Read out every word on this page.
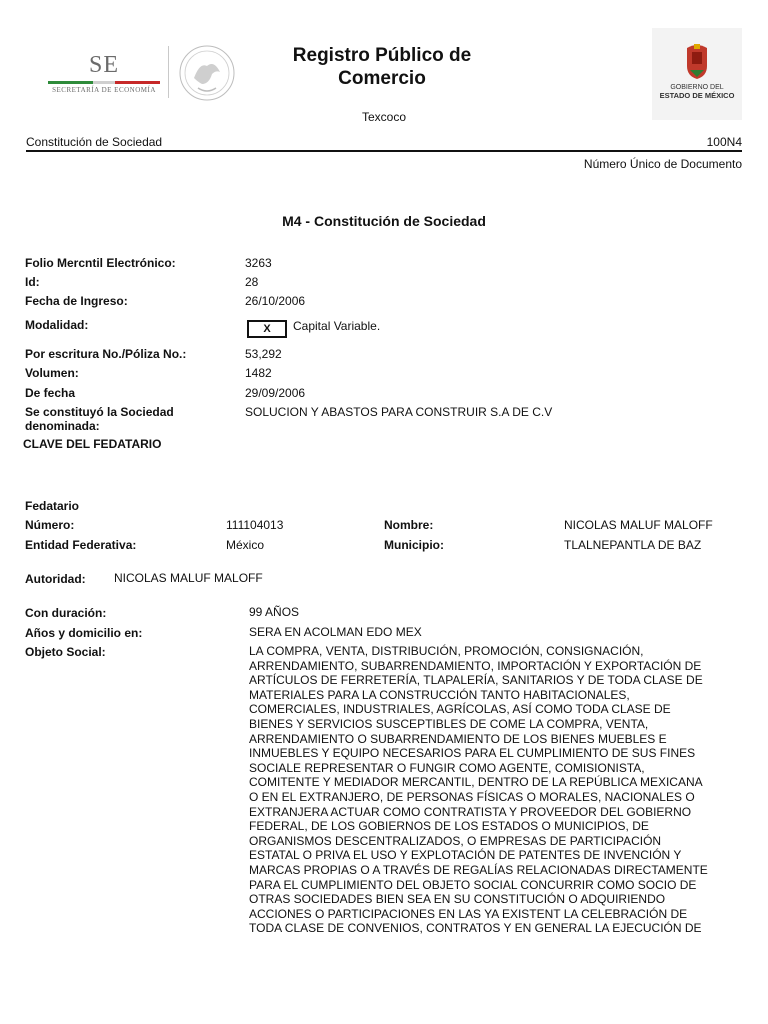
SE
SECRETARÍA DE ECONOMÍA
Registro Público de Comercio
Texcoco
GOBIERNO DEL
ESTADO DE MÉXICO
Constitución de Sociedad	100N4
Número Único de Documento
M4 - Constitución de Sociedad
Folio Mercntil Electrónico:	3263
Id:	28
Fecha de Ingreso:	26/10/2006
Modalidad:	X	Capital Variable.
Por escritura No./Póliza No.:	53,292
Volumen:	1482
De fecha	29/09/2006
Se constituyó la Sociedad
denominada:
SOLUCION Y ABASTOS PARA CONSTRUIR S.A DE C.V
CLAVE DEL FEDATARIO
Fedatario
Número:	111104013	Nombre:	NICOLAS MALUF MALOFF
Entidad Federativa:	México	Municipio:	TLALNEPANTLA DE BAZ
Autoridad: NICOLAS MALUF MALOFF
Con duración:	99 AÑOS
Años y domicilio en:	SERA EN ACOLMAN EDO MEX
Objeto Social:	LA COMPRA, VENTA, DISTRIBUCIÓN, PROMOCIÓN, CONSIGNACIÓN,
ARRENDAMIENTO, SUBARRENDAMIENTO, IMPORTACIÓN Y EXPORTACIÓN DE
ARTÍCULOS DE FERRETERÍA, TLAPALERÍA, SANITARIOS Y DE TODA CLASE DE
MATERIALES PARA LA CONSTRUCCIÓN TANTO HABITACIONALES,
COMERCIALES, INDUSTRIALES, AGRÍCOLAS, ASÍ COMO TODA CLASE DE
BIENES Y SERVICIOS SUSCEPTIBLES DE COME LA COMPRA, VENTA,
ARRENDAMIENTO O SUBARRENDAMIENTO DE LOS BIENES MUEBLES E
INMUEBLES Y EQUIPO NECESARIOS PARA EL CUMPLIMIENTO DE SUS FINES
SOCIALE REPRESENTAR O FUNGIR COMO AGENTE, COMISIONISTA,
COMITENTE Y MEDIADOR MERCANTIL, DENTRO DE LA REPÚBLICA MEXICANA
O EN EL EXTRANJERO, DE PERSONAS FÍSICAS O MORALES, NACIONALES O
EXTRANJERA ACTUAR COMO CONTRATISTA Y PROVEEDOR DEL GOBIERNO
FEDERAL, DE LOS GOBIERNOS DE LOS ESTADOS O MUNICIPIOS, DE
ORGANISMOS DESCENTRALIZADOS, O EMPRESAS DE PARTICIPACIÓN
ESTATAL O PRIVA EL USO Y EXPLOTACIÓN DE PATENTES DE INVENCIÓN Y
MARCAS PROPIAS O A TRAVÉS DE REGALÍAS RELACIONADAS DIRECTAMENTE
PARA EL CUMPLIMIENTO DEL OBJETO SOCIAL CONCURRIR COMO SOCIO DE
OTRAS SOCIEDADES BIEN SEA EN SU CONSTITUCIÓN O ADQUIRIENDO
ACCIONES O PARTICIPACIONES EN LAS YA EXISTENT LA CELEBRACIÓN DE
TODA CLASE DE CONVENIOS, CONTRATOS Y EN GENERAL LA EJECUCIÓN DE
